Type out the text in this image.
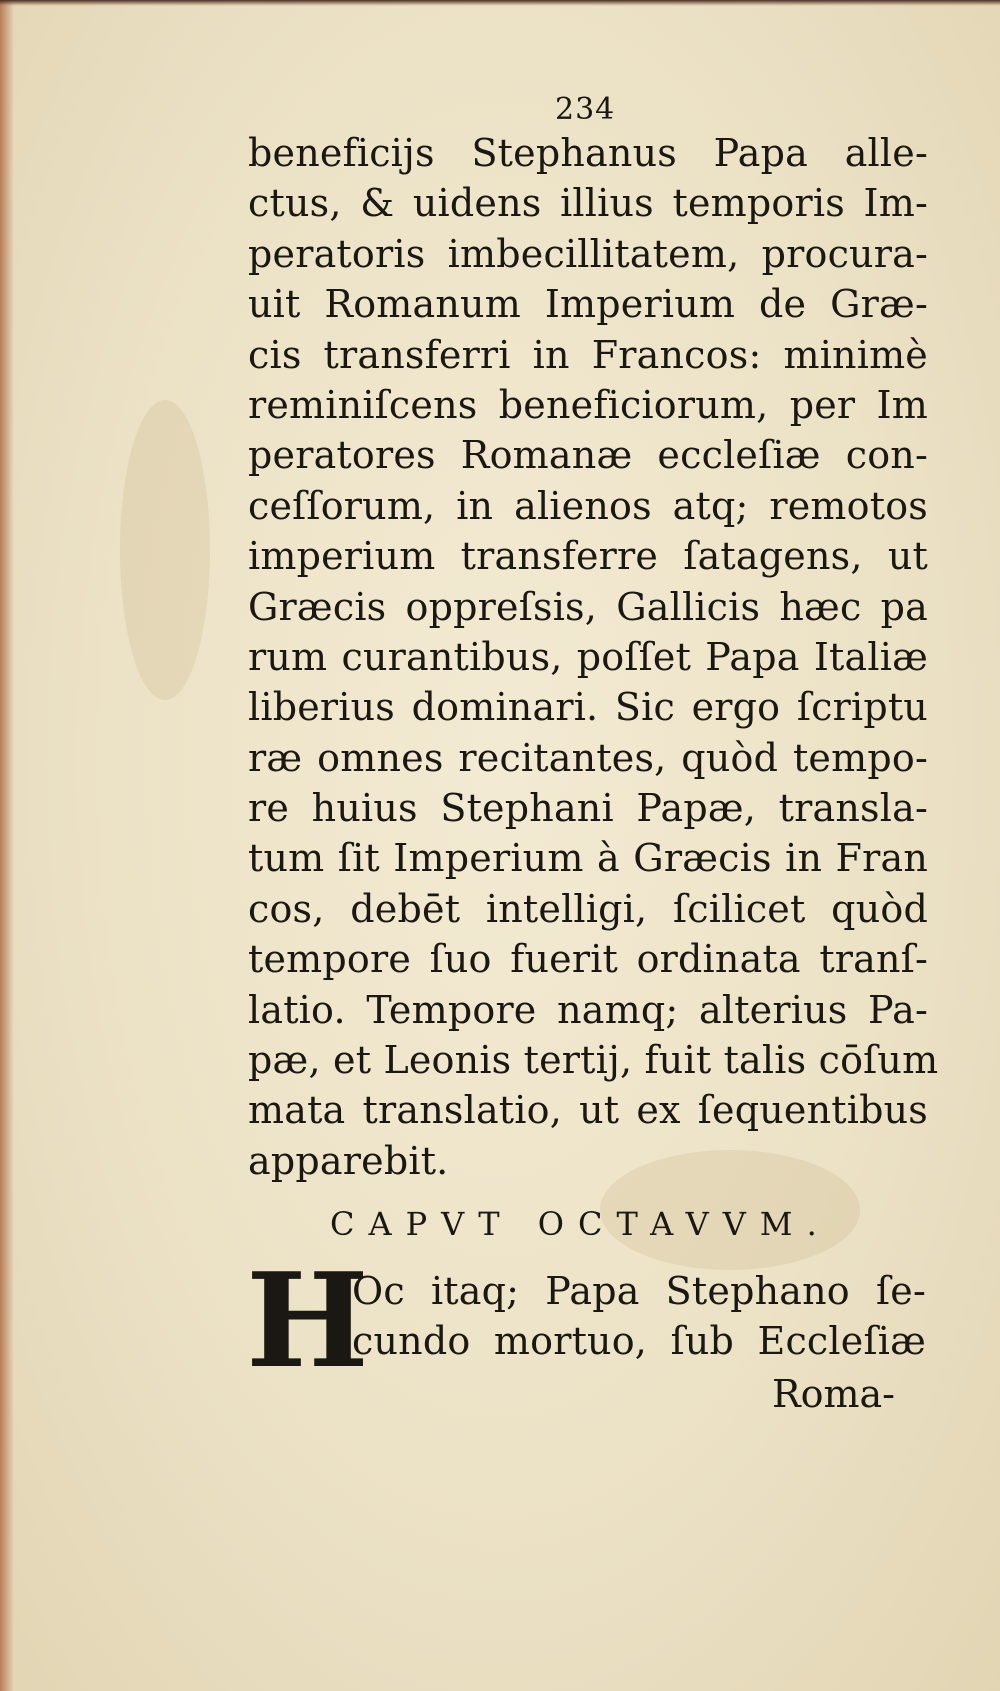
234
beneficijs Stephanus Papa alle‐
ctus, & uidens illius temporis Im‐
peratoris imbecillitatem, procura‐
uit Romanum Imperium de Græ‐
cis transferri in Francos: minimè
reminiſcens beneficiorum, per Im
peratores Romanæ eccleſiæ con‐
ceſſorum, in alienos atq; remotos
imperium transferre ſatagens, ut
Græcis oppreſsis, Gallicis hæc pa
rum curantibus, poſſet Papa Italiæ
liberius dominari. Sic ergo ſcriptu
ræ omnes recitantes, quòd tempo‐
re huius Stephani Papæ, transla‐
tum ſit Imperium à Græcis in Fran
cos, debēt intelligi, ſcilicet quòd
tempore ſuo fuerit ordinata tranſ‐
latio. Tempore namq; alterius Pa‐
pæ, et Leonis tertij, fuit talis cōſum
mata translatio, ut ex ſequentibus
apparebit.
CAPVT OCTAVVM.
H
Oc itaq; Papa Stephano ſe‐
cundo mortuo, ſub Eccleſiæ
Roma‐
